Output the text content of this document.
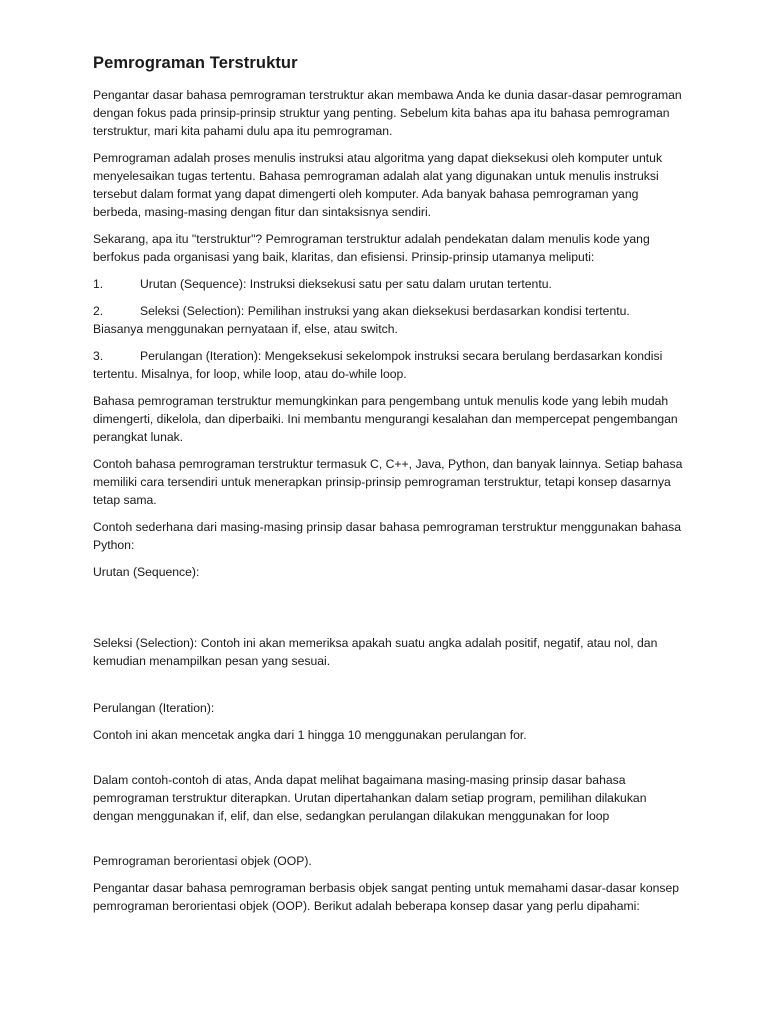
Pemrograman Terstruktur

Pengantar dasar bahasa pemrograman terstruktur akan membawa Anda ke dunia dasar-dasar pemrograman dengan fokus pada prinsip-prinsip struktur yang penting. Sebelum kita bahas apa itu bahasa pemrograman terstruktur, mari kita pahami dulu apa itu pemrograman.

Pemrograman adalah proses menulis instruksi atau algoritma yang dapat dieksekusi oleh komputer untuk menyelesaikan tugas tertentu. Bahasa pemrograman adalah alat yang digunakan untuk menulis instruksi tersebut dalam format yang dapat dimengerti oleh komputer. Ada banyak bahasa pemrograman yang berbeda, masing-masing dengan fitur dan sintaksisnya sendiri.

Sekarang, apa itu "terstruktur"? Pemrograman terstruktur adalah pendekatan dalam menulis kode yang berfokus pada organisasi yang baik, klaritas, dan efisiensi. Prinsip-prinsip utamanya meliputi:

1.	Urutan (Sequence): Instruksi dieksekusi satu per satu dalam urutan tertentu.
2.	Seleksi (Selection): Pemilihan instruksi yang akan dieksekusi berdasarkan kondisi tertentu. Biasanya menggunakan pernyataan if, else, atau switch.
3.	Perulangan (Iteration): Mengeksekusi sekelompok instruksi secara berulang berdasarkan kondisi tertentu. Misalnya, for loop, while loop, atau do-while loop.

Bahasa pemrograman terstruktur memungkinkan para pengembang untuk menulis kode yang lebih mudah dimengerti, dikelola, dan diperbaiki. Ini membantu mengurangi kesalahan dan mempercepat pengembangan perangkat lunak.

Contoh bahasa pemrograman terstruktur termasuk C, C++, Java, Python, dan banyak lainnya. Setiap bahasa memiliki cara tersendiri untuk menerapkan prinsip-prinsip pemrograman terstruktur, tetapi konsep dasarnya tetap sama.

Contoh sederhana dari masing-masing prinsip dasar bahasa pemrograman terstruktur menggunakan bahasa Python:

Urutan (Sequence):

Seleksi (Selection): Contoh ini akan memeriksa apakah suatu angka adalah positif, negatif, atau nol, dan kemudian menampilkan pesan yang sesuai.

Perulangan (Iteration):

Contoh ini akan mencetak angka dari 1 hingga 10 menggunakan perulangan for.

Dalam contoh-contoh di atas, Anda dapat melihat bagaimana masing-masing prinsip dasar bahasa pemrograman terstruktur diterapkan. Urutan dipertahankan dalam setiap program, pemilihan dilakukan dengan menggunakan if, elif, dan else, sedangkan perulangan dilakukan menggunakan for loop

Pemrograman berorientasi objek (OOP).

Pengantar dasar bahasa pemrograman berbasis objek sangat penting untuk memahami dasar-dasar konsep pemrograman berorientasi objek (OOP). Berikut adalah beberapa konsep dasar yang perlu dipahami:
